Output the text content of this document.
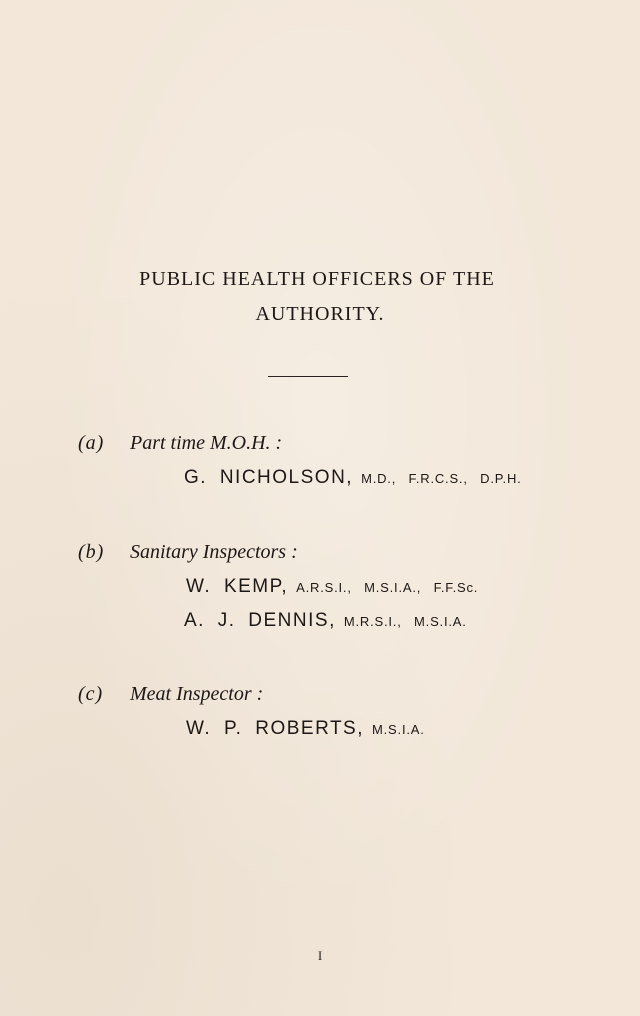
PUBLIC HEALTH OFFICERS OF THE
AUTHORITY.
(a) Part time M.O.H. :
G. NICHOLSON, M.D., F.R.C.S., D.P.H.
(b) Sanitary Inspectors :
W. KEMP, A.R.S.I., M.S.I.A., F.F.Sc.
A. J. DENNIS, M.R.S.I., M.S.I.A.
(c) Meat Inspector :
W. P. ROBERTS, M.S.I.A.
I
